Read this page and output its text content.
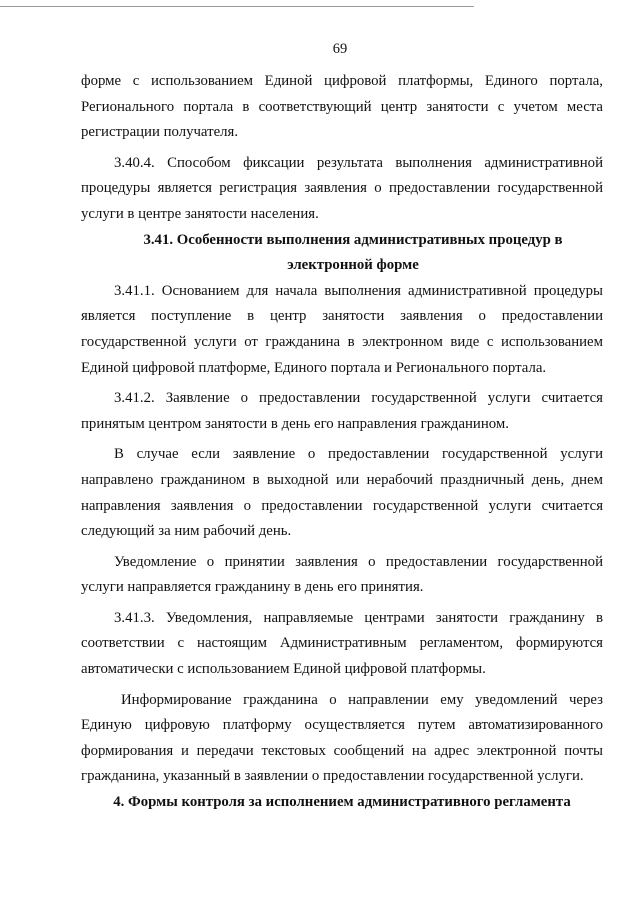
69

форме с использованием Единой цифровой платформы, Единого портала, Регионального портала в соответствующий центр занятости с учетом места регистрации получателя.

3.40.4. Способом фиксации результата выполнения административной процедуры является регистрация заявления о предоставлении государственной услуги в центре занятости населения.

3.41. Особенности выполнения административных процедур в
электронной форме

3.41.1. Основанием для начала выполнения административной процедуры является поступление в центр занятости заявления о предоставлении государственной услуги от гражданина в электронном виде с использованием Единой цифровой платформе, Единого портала и Регионального портала.

3.41.2. Заявление о предоставлении государственной услуги считается принятым центром занятости в день его направления гражданином.

В случае если заявление о предоставлении государственной услуги направлено гражданином в выходной или нерабочий праздничный день, днем направления заявления о предоставлении государственной услуги считается следующий за ним рабочий день.

Уведомление о принятии заявления о предоставлении государственной услуги направляется гражданину в день его принятия.

3.41.3. Уведомления, направляемые центрами занятости гражданину в соответствии с настоящим Административным регламентом, формируются автоматически с использованием Единой цифровой платформы.

Информирование гражданина о направлении ему уведомлений через Единую цифровую платформу осуществляется путем автоматизированного формирования и передачи текстовых сообщений на адрес электронной почты гражданина, указанный в заявлении о предоставлении государственной услуги.

4. Формы контроля за исполнением административного регламента
